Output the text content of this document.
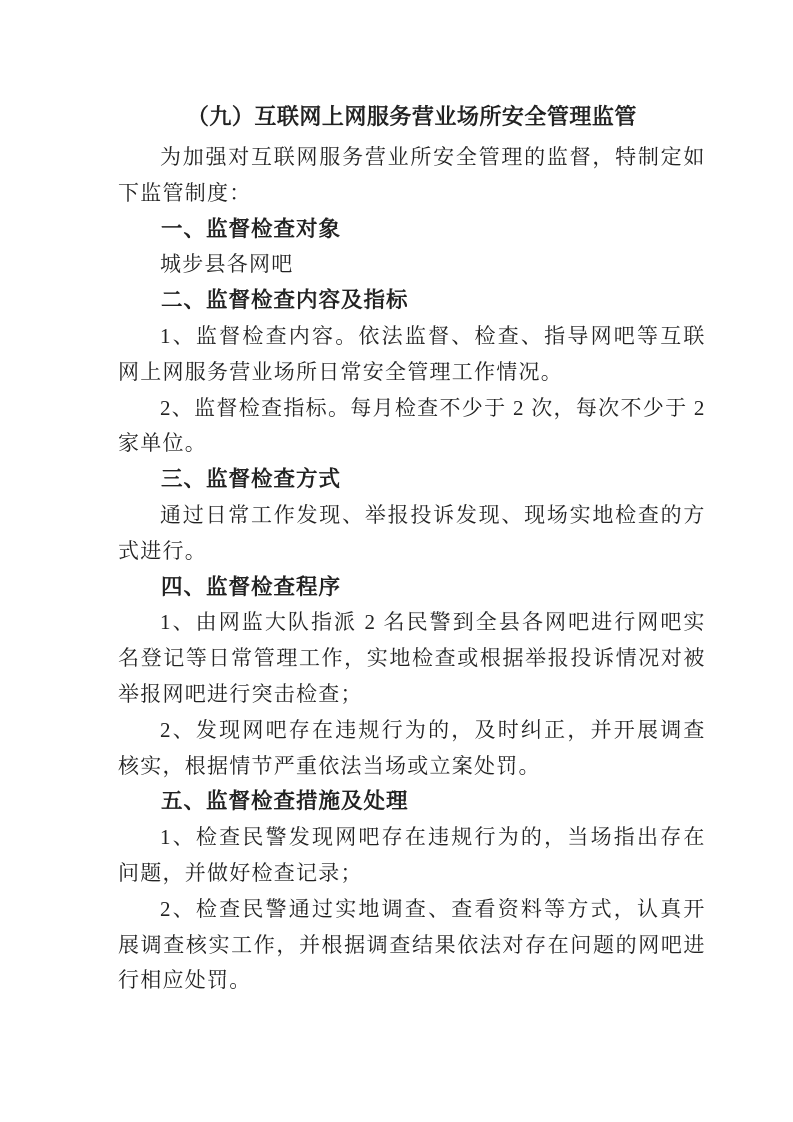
（九）互联网上网服务营业场所安全管理监管

为加强对互联网服务营业所安全管理的监督，特制定如下监管制度：

一、监督检查对象

城步县各网吧

二、监督检查内容及指标

1、监督检查内容。依法监督、检查、指导网吧等互联网上网服务营业场所日常安全管理工作情况。

2、监督检查指标。每月检查不少于 2 次，每次不少于 2 家单位。

三、监督检查方式

通过日常工作发现、举报投诉发现、现场实地检查的方式进行。

四、监督检查程序

1、由网监大队指派 2 名民警到全县各网吧进行网吧实名登记等日常管理工作，实地检查或根据举报投诉情况对被举报网吧进行突击检查；

2、发现网吧存在违规行为的，及时纠正，并开展调查核实，根据情节严重依法当场或立案处罚。

五、监督检查措施及处理

1、检查民警发现网吧存在违规行为的，当场指出存在问题，并做好检查记录；

2、检查民警通过实地调查、查看资料等方式，认真开展调查核实工作，并根据调查结果依法对存在问题的网吧进行相应处罚。
